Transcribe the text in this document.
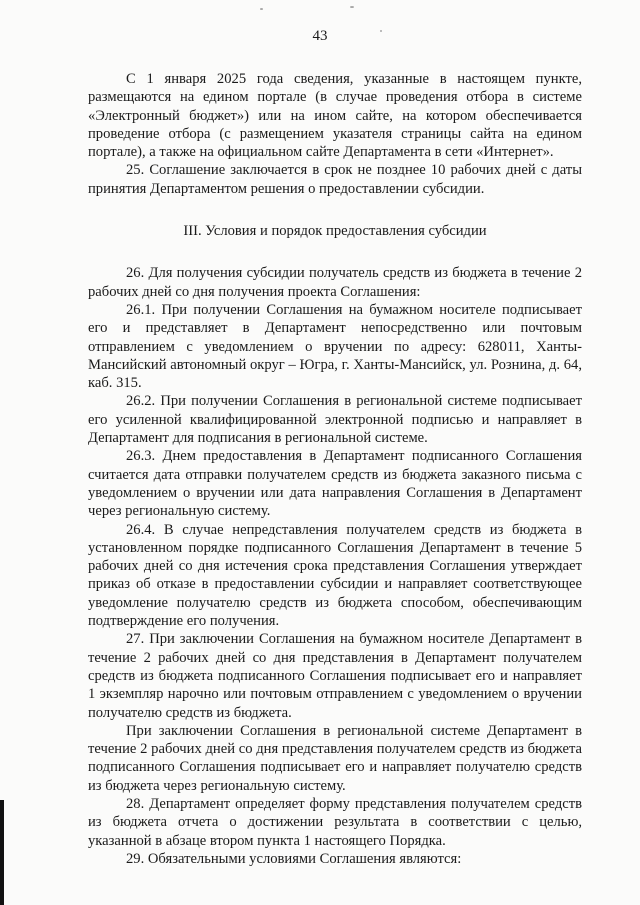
43

С 1 января 2025 года сведения, указанные в настоящем пункте, размещаются на едином портале (в случае проведения отбора в системе «Электронный бюджет») или на ином сайте, на котором обеспечивается проведение отбора (с размещением указателя страницы сайта на едином портале), а также на официальном сайте Департамента в сети «Интернет».

25. Соглашение заключается в срок не позднее 10 рабочих дней с даты принятия Департаментом решения о предоставлении субсидии.

III. Условия и порядок предоставления субсидии

26. Для получения субсидии получатель средств из бюджета в течение 2 рабочих дней со дня получения проекта Соглашения:

26.1. При получении Соглашения на бумажном носителе подписывает его и представляет в Департамент непосредственно или почтовым отправлением с уведомлением о вручении по адресу: 628011, Ханты-Мансийский автономный округ – Югра, г. Ханты-Мансийск, ул. Рознина, д. 64, каб. 315.

26.2. При получении Соглашения в региональной системе подписывает его усиленной квалифицированной электронной подписью и направляет в Департамент для подписания в региональной системе.

26.3. Днем предоставления в Департамент подписанного Соглашения считается дата отправки получателем средств из бюджета заказного письма с уведомлением о вручении или дата направления Соглашения в Департамент через региональную систему.

26.4. В случае непредставления получателем средств из бюджета в установленном порядке подписанного Соглашения Департамент в течение 5 рабочих дней со дня истечения срока представления Соглашения утверждает приказ об отказе в предоставлении субсидии и направляет соответствующее уведомление получателю средств из бюджета способом, обеспечивающим подтверждение его получения.

27. При заключении Соглашения на бумажном носителе Департамент в течение 2 рабочих дней со дня представления в Департамент получателем средств из бюджета подписанного Соглашения подписывает его и направляет 1 экземпляр нарочно или почтовым отправлением с уведомлением о вручении получателю средств из бюджета.

При заключении Соглашения в региональной системе Департамент в течение 2 рабочих дней со дня представления получателем средств из бюджета подписанного Соглашения подписывает его и направляет получателю средств из бюджета через региональную систему.

28. Департамент определяет форму представления получателем средств из бюджета отчета о достижении результата в соответствии с целью, указанной в абзаце втором пункта 1 настоящего Порядка.

29. Обязательными условиями Соглашения являются:
